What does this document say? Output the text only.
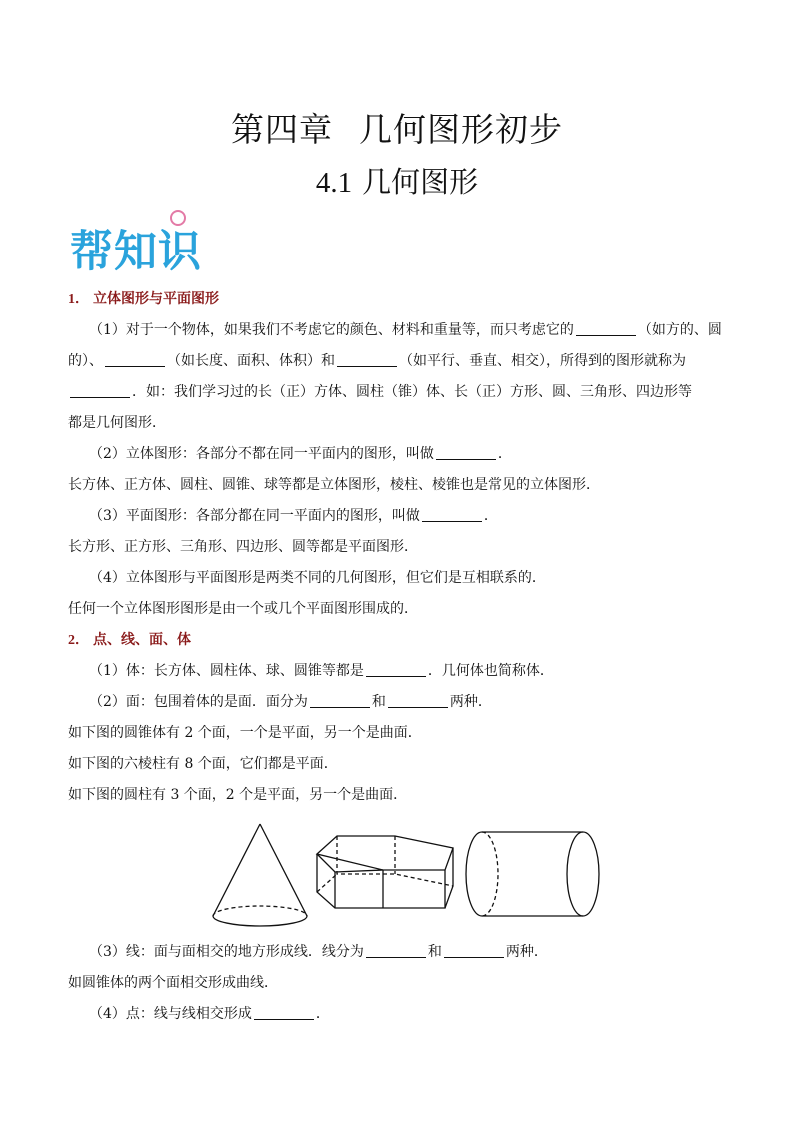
第四章 几何图形初步
4.1 几何图形
帮知识
1． 立体图形与平面图形
（1）对于一个物体，如果我们不考虑它的颜色、材料和重量等，而只考虑它的	（如方的、圆
的）、	（如长度、面积、体积）和	（如平行、垂直、相交），所得到的图形就称为
．如：我们学习过的长（正）方体、圆柱（锥）体、长（正）方形、圆、三角形、四边形等
都是几何图形．
（2）立体图形：各部分不都在同一平面内的图形，叫做	．
长方体、正方体、圆柱、圆锥、球等都是立体图形，棱柱、棱锥也是常见的立体图形．
（3）平面图形：各部分都在同一平面内的图形，叫做	．
长方形、正方形、三角形、四边形、圆等都是平面图形．
（4）立体图形与平面图形是两类不同的几何图形，但它们是互相联系的．
任何一个立体图形图形是由一个或几个平面图形围成的．
2． 点、线、面、体
（1）体：长方体、圆柱体、球、圆锥等都是	．几何体也简称体．
（2）面：包围着体的是面．面分为	和	两种．
如下图的圆锥体有 2 个面，一个是平面，另一个是曲面．
如下图的六棱柱有 8 个面，它们都是平面．
如下图的圆柱有 3 个面，2 个是平面，另一个是曲面．
（3）线：面与面相交的地方形成线．线分为	和	两种．
如圆锥体的两个面相交形成曲线．
（4）点：线与线相交形成	．
